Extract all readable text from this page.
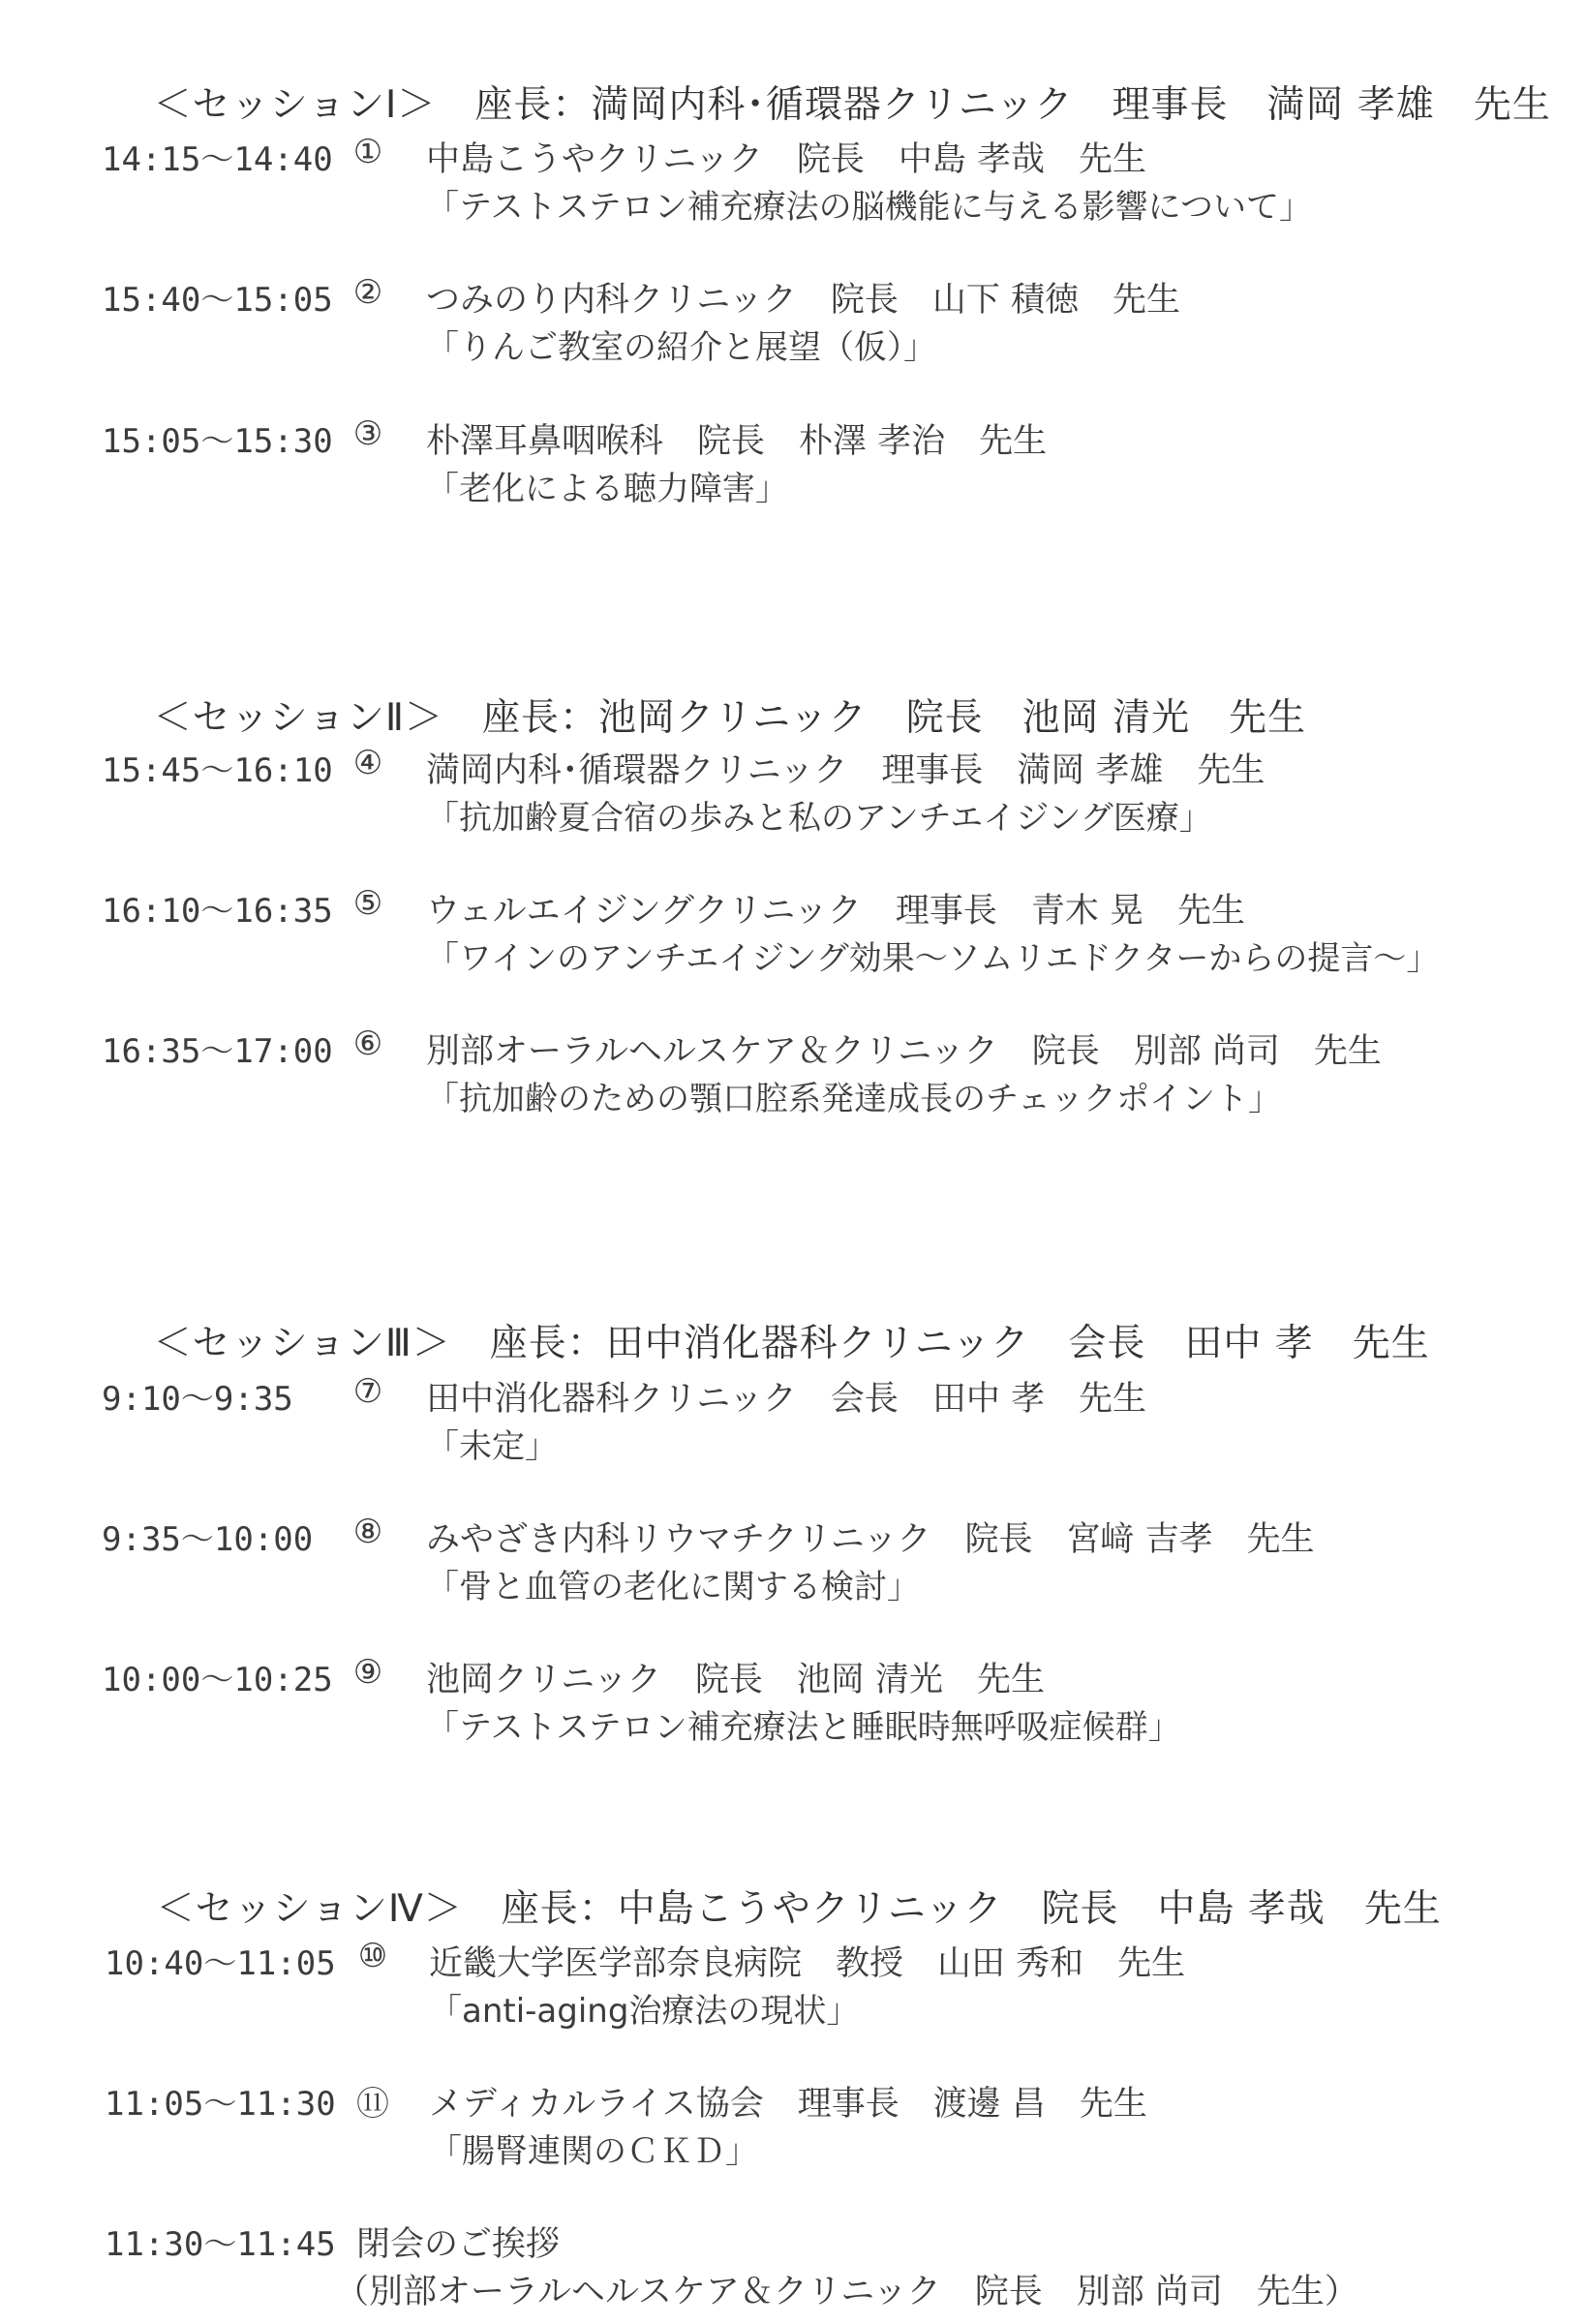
＜セッションⅠ＞　座長：満岡内科･循環器クリニック　理事長　満岡 孝雄　先生

14:15～14:40 ① 中島こうやクリニック　院長　中島 孝哉　先生
「テストステロン補充療法の脳機能に与える影響について」
15:40～15:05 ② つみのり内科クリニック　院長　山下 積徳　先生
「りんご教室の紹介と展望（仮）」
15:05～15:30 ③ 朴澤耳鼻咽喉科　院長　朴澤 孝治　先生
「老化による聴力障害」

＜セッションⅡ＞　座長：池岡クリニック　院長　池岡 清光　先生

15:45～16:10 ④ 満岡内科･循環器クリニック　理事長　満岡 孝雄　先生
「抗加齢夏合宿の歩みと私のアンチエイジング医療」
16:10～16:35 ⑤ ウェルエイジングクリニック　理事長　青木 晃　先生
「ワインのアンチエイジング効果～ソムリエドクターからの提言～」
16:35～17:00 ⑥ 別部オーラルヘルスケア＆クリニック　院長　別部 尚司　先生
「抗加齢のための顎口腔系発達成長のチェックポイント」

＜セッションⅢ＞　座長：田中消化器科クリニック　会長　田中 孝　先生

9:10～9:35 ⑦ 田中消化器科クリニック　会長　田中 孝　先生
「未定」
9:35～10:00 ⑧ みやざき内科リウマチクリニック　院長　宮﨑 吉孝　先生
「骨と血管の老化に関する検討」
10:00～10:25 ⑨ 池岡クリニック　院長　池岡 清光　先生
「テストステロン補充療法と睡眠時無呼吸症候群」

＜セッションⅣ＞　座長：中島こうやクリニック　院長　中島 孝哉　先生

10:40～11:05 ⑩ 近畿大学医学部奈良病院　教授　山田 秀和　先生
「anti-aging治療法の現状」
11:05～11:30 ⑪ メディカルライス協会　理事長　渡邊 昌　先生
「腸腎連関のＣＫＤ」
11:30～11:45 閉会のご挨拶
（別部オーラルヘルスケア＆クリニック　院長　別部 尚司　先生）
